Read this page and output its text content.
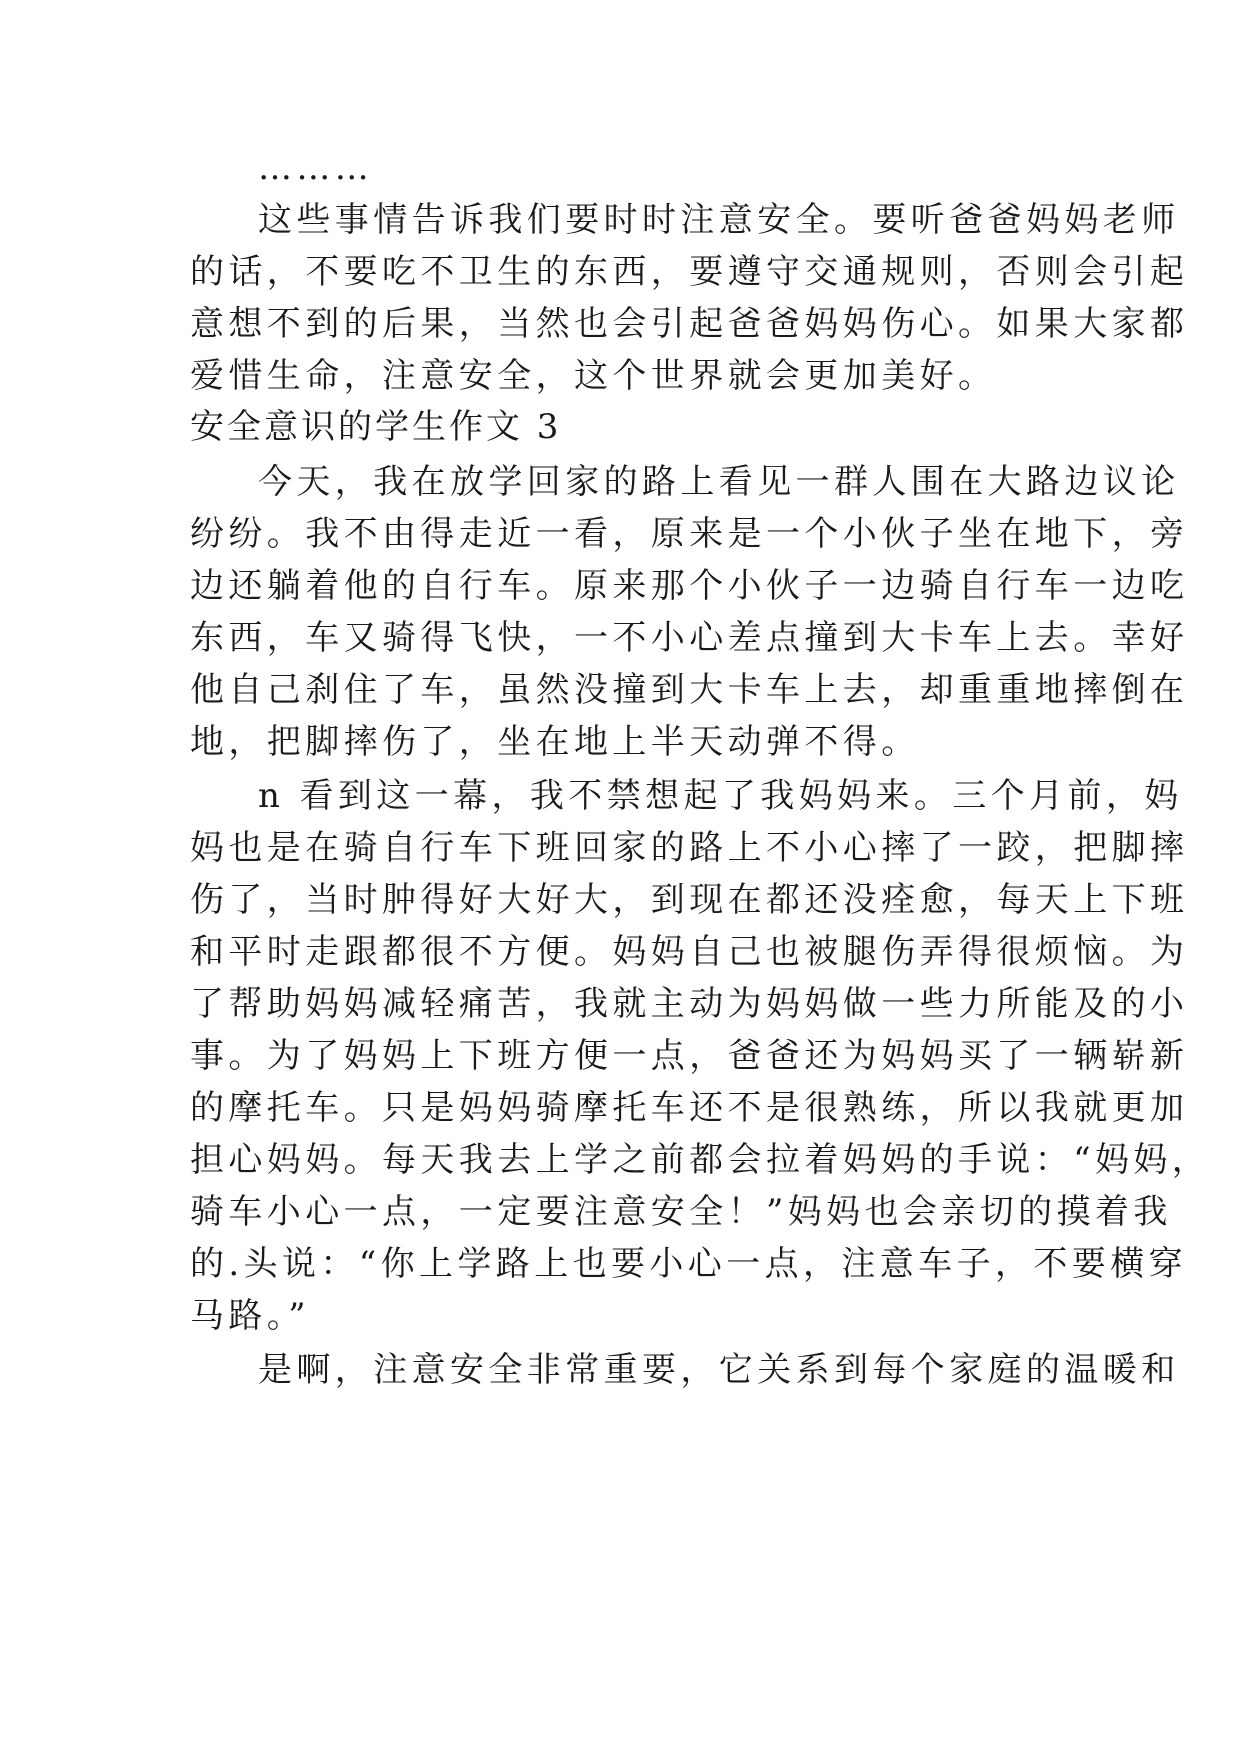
………
这些事情告诉我们要时时注意安全。要听爸爸妈妈老师
的话，不要吃不卫生的东西，要遵守交通规则，否则会引起
意想不到的后果，当然也会引起爸爸妈妈伤心。如果大家都
爱惜生命，注意安全，这个世界就会更加美好。
安全意识的学生作文 3
今天，我在放学回家的路上看见一群人围在大路边议论
纷纷。我不由得走近一看，原来是一个小伙子坐在地下，旁
边还躺着他的自行车。原来那个小伙子一边骑自行车一边吃
东西，车又骑得飞快，一不小心差点撞到大卡车上去。幸好
他自己刹住了车，虽然没撞到大卡车上去，却重重地摔倒在
地，把脚摔伤了，坐在地上半天动弹不得。
n 看到这一幕，我不禁想起了我妈妈来。三个月前，妈
妈也是在骑自行车下班回家的路上不小心摔了一跤，把脚摔
伤了，当时肿得好大好大，到现在都还没痊愈，每天上下班
和平时走跟都很不方便。妈妈自己也被腿伤弄得很烦恼。为
了帮助妈妈减轻痛苦，我就主动为妈妈做一些力所能及的小
事。为了妈妈上下班方便一点，爸爸还为妈妈买了一辆崭新
的摩托车。只是妈妈骑摩托车还不是很熟练，所以我就更加
担心妈妈。每天我去上学之前都会拉着妈妈的手说：“妈妈，
骑车小心一点，一定要注意安全！”妈妈也会亲切的摸着我
的.头说：“你上学路上也要小心一点，注意车子，不要横穿
马路。”
是啊，注意安全非常重要，它关系到每个家庭的温暖和
